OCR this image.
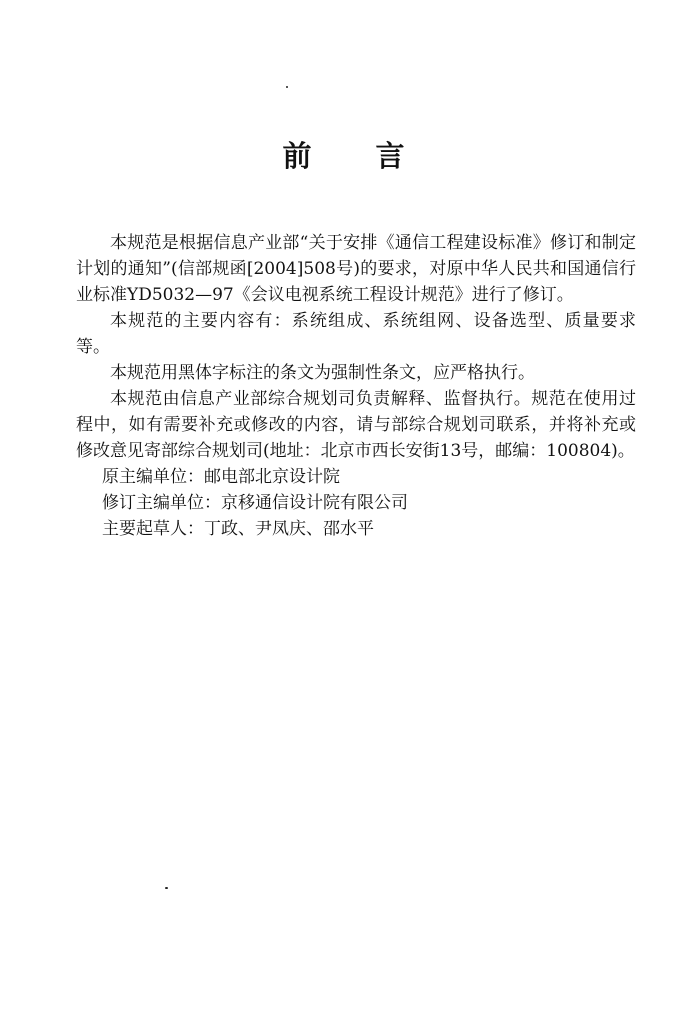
前 言

本规范是根据信息产业部“关于安排《通信工程建设标准》修订和制定计划的通知”(信部规函[2004]508号)的要求，对原中华人民共和国通信行业标准YD5032—97《会议电视系统工程设计规范》进行了修订。

本规范的主要内容有：系统组成、系统组网、设备选型、质量要求等。

本规范用黑体字标注的条文为强制性条文，应严格执行。

本规范由信息产业部综合规划司负责解释、监督执行。规范在使用过程中，如有需要补充或修改的内容，请与部综合规划司联系，并将补充或修改意见寄部综合规划司(地址：北京市西长安街13号，邮编：100804)。

原主编单位：邮电部北京设计院

修订主编单位：京移通信设计院有限公司

主要起草人：丁政、尹凤庆、邵水平
